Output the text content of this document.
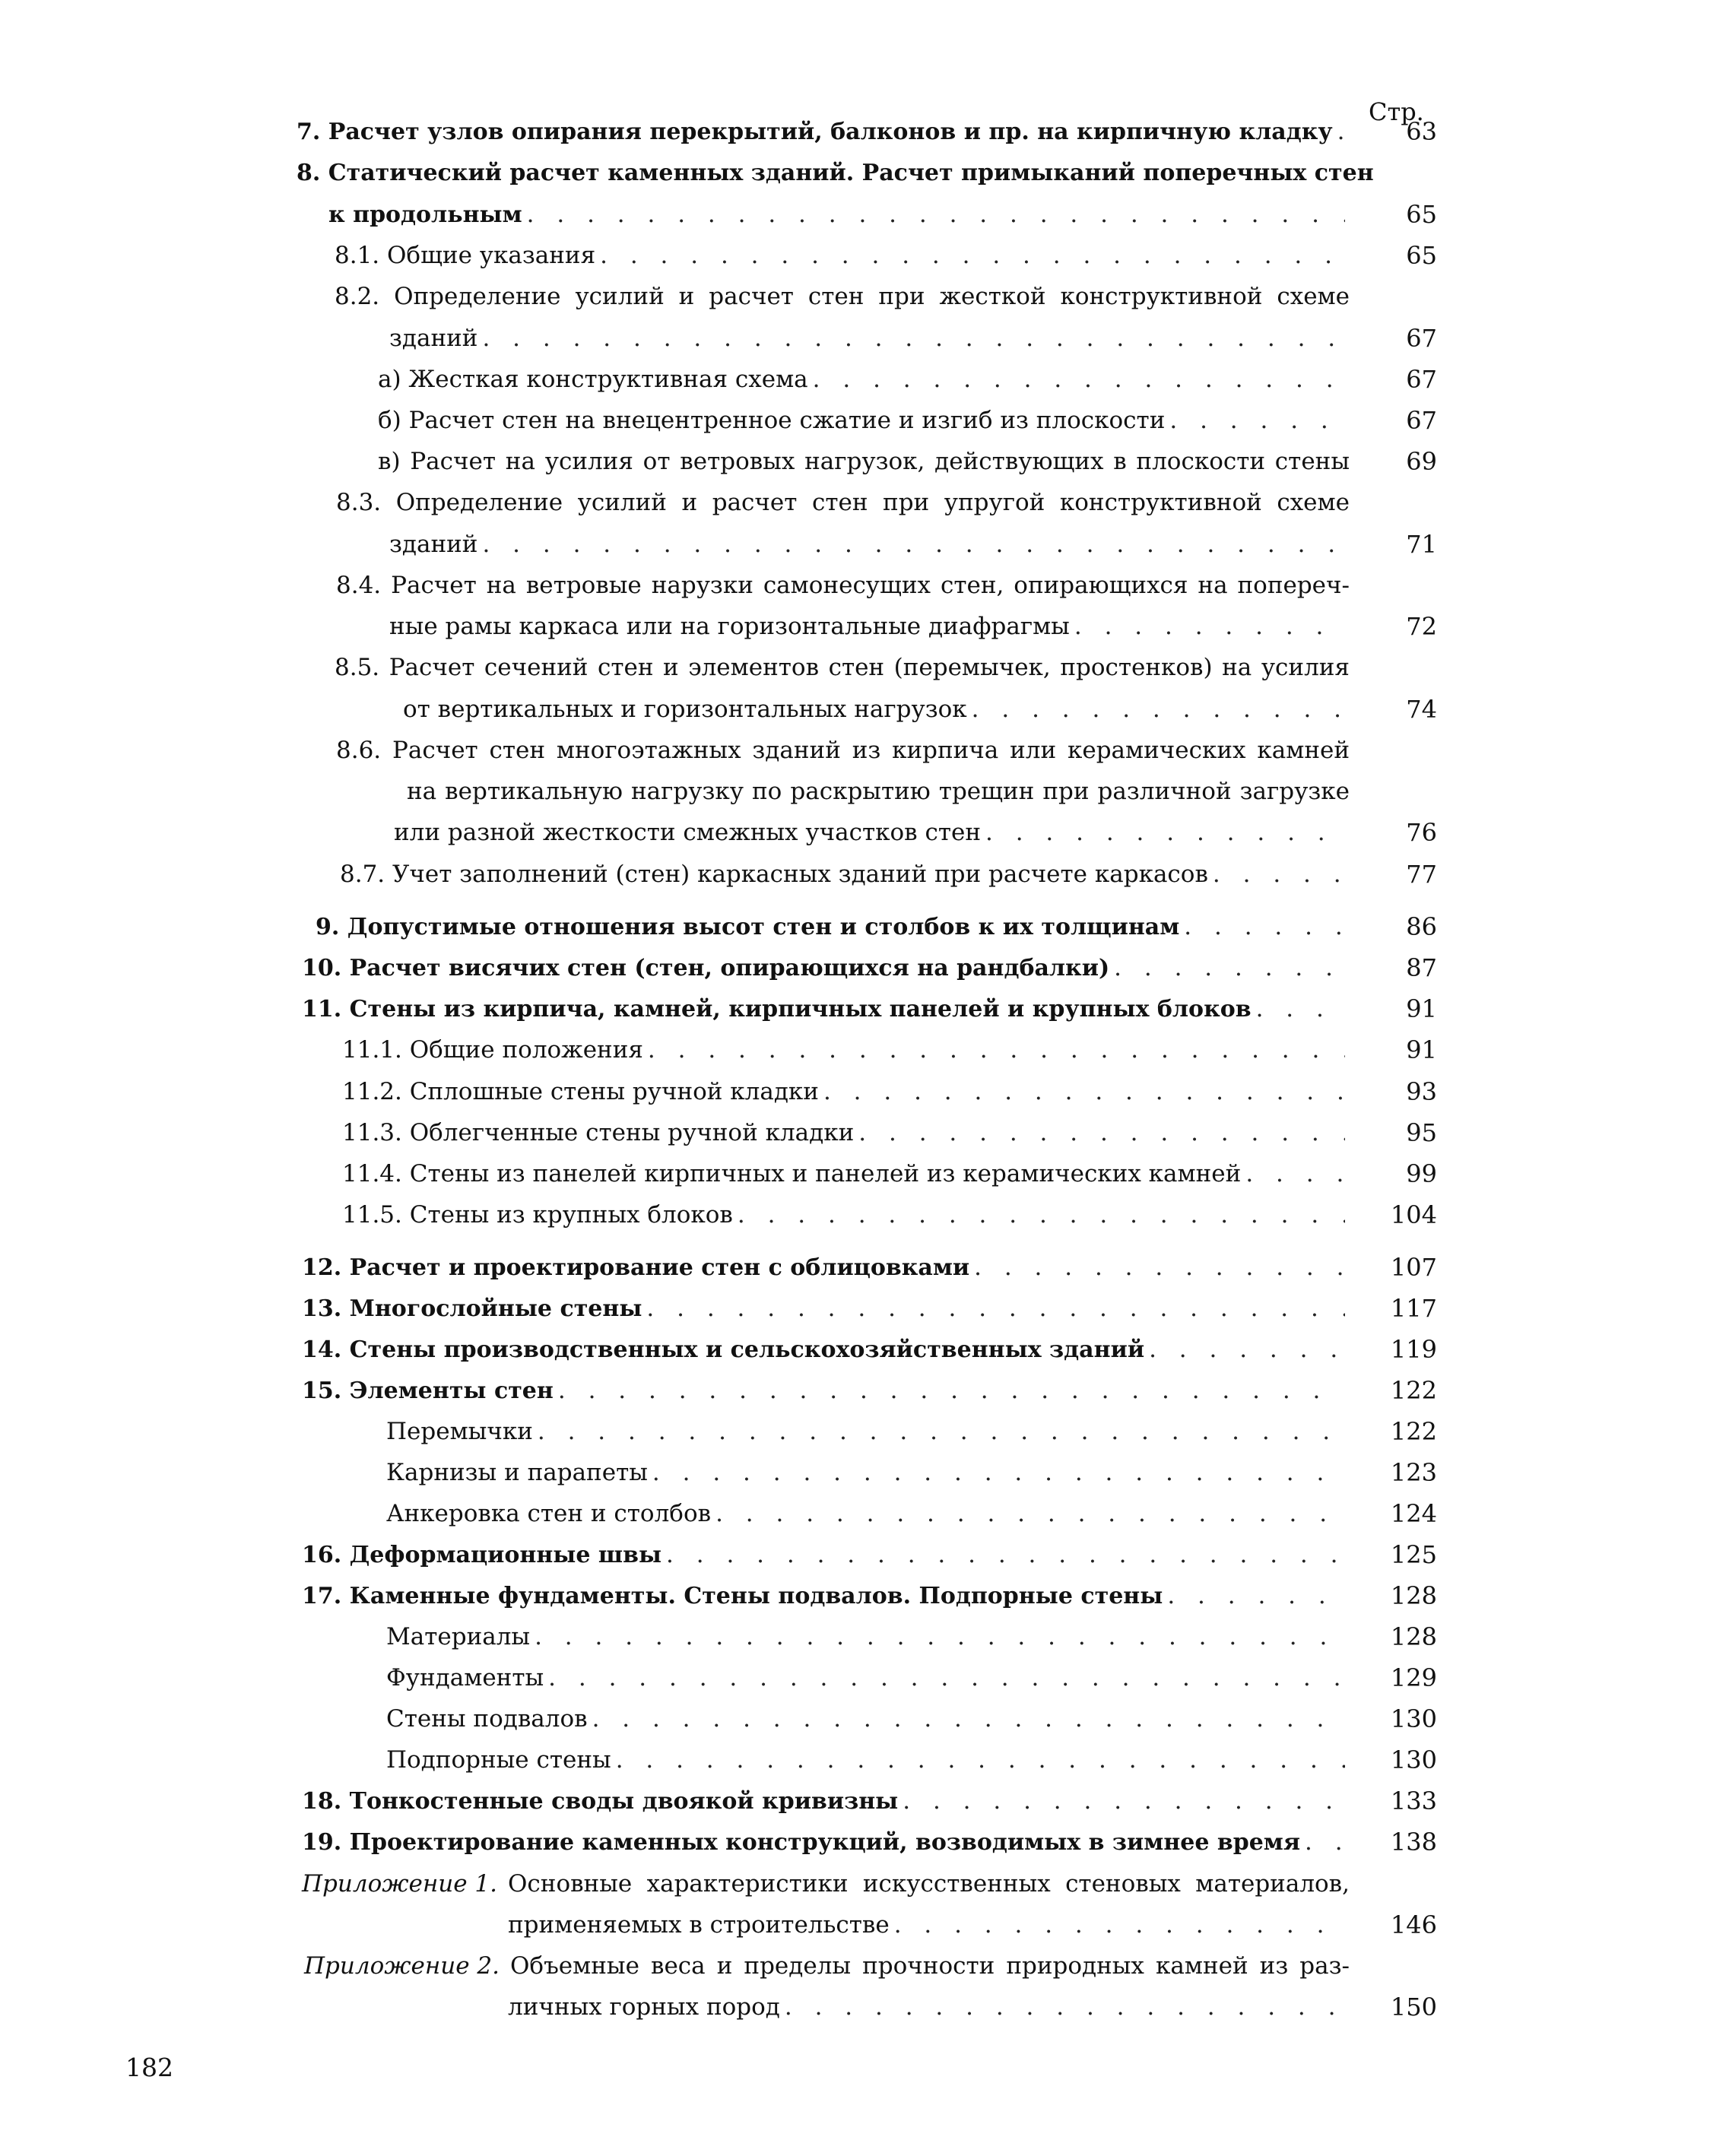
Стр.
7. Расчет узлов опирания перекрытий, балконов и пр. на кирпичную кладку . . .	63
8. Статический расчет каменных зданий. Расчет примыканий поперечных стен
к продольным . . .	65
8.1. Общие указания . . .	65
8.2. Определение усилий и расчет стен при жесткой конструктивной схеме
зданий . . .	67
а) Жесткая конструктивная схема . . .	67
б) Расчет стен на внецентренное сжатие и изгиб из плоскости . . .	67
в) Расчет на усилия от ветровых нагрузок, действующих в плоскости стены	69
8.3. Определение усилий и расчет стен при упругой конструктивной схеме
зданий . . .	71
8.4. Расчет на ветровые нарузки самонесущих стен, опирающихся на попереч-
ные рамы каркаса или на горизонтальные диафрагмы . . .	72
8.5. Расчет сечений стен и элементов стен (перемычек, простенков) на усилия
от вертикальных и горизонтальных нагрузок . . .	74
8.6. Расчет стен многоэтажных зданий из кирпича или керамических камней
на вертикальную нагрузку по раскрытию трещин при различной загрузке
или разной жесткости смежных участков стен . . .	76
8.7. Учет заполнений (стен) каркасных зданий при расчете каркасов . . .	77
9. Допустимые отношения высот стен и столбов к их толщинам . . .	86
10. Расчет висячих стен (стен, опирающихся на рандбалки) . . .	87
11. Стены из кирпича, камней, кирпичных панелей и крупных блоков . . .	91
11.1. Общие положения . . .	91
11.2. Сплошные стены ручной кладки . . .	93
11.3. Облегченные стены ручной кладки . . .	95
11.4. Стены из панелей кирпичных и панелей из керамических камней . . .	99
11.5. Стены из крупных блоков . . .	104
12. Расчет и проектирование стен с облицовками . . .	107
13. Многослойные стены . . .	117
14. Стены производственных и сельскохозяйственных зданий . . .	119
15. Элементы стен . . .	122
Перемычки . . .	122
Карнизы и парапеты . . .	123
Анкеровка стен и столбов . . .	124
16. Деформационные швы . . .	125
17. Каменные фундаменты. Стены подвалов. Подпорные стены . . .	128
Материалы . . .	128
Фундаменты . . .	129
Стены подвалов . . .	130
Подпорные стены . . .	130
18. Тонкостенные своды двоякой кривизны . . .	133
19. Проектирование каменных конструкций, возводимых в зимнее время . . .	138
Приложение 1. Основные характеристики искусственных стеновых материалов,
применяемых в строительстве . . .	146
Приложение 2. Объемные веса и пределы прочности природных камней из раз-
личных горных пород . . .	150
182
